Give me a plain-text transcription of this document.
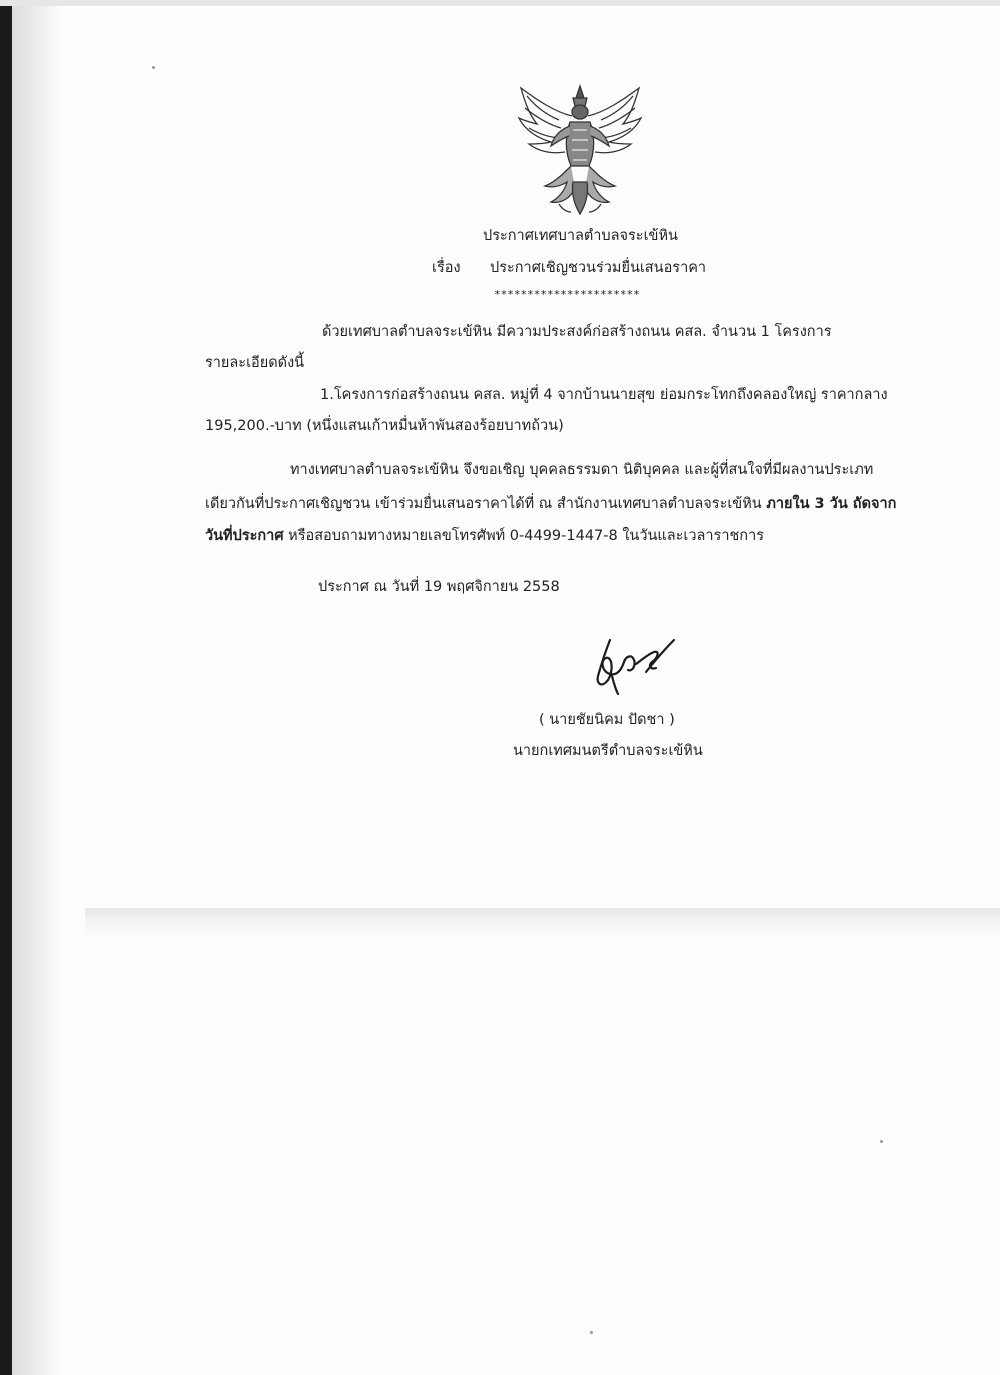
ประกาศเทศบาลตำบลจระเข้หิน
เรื่อง ประกาศเชิญชวนร่วมยื่นเสนอราคา
**********************
ด้วยเทศบาลตำบลจระเข้หิน มีความประสงค์ก่อสร้างถนน คสล. จำนวน 1 โครงการ
รายละเอียดดังนี้
1.โครงการก่อสร้างถนน คสล. หมู่ที่ 4 จากบ้านนายสุข ย่อมกระโทกถึงคลองใหญ่ ราคากลาง
195,200.-บาท (หนึ่งแสนเก้าหมื่นห้าพันสองร้อยบาทถ้วน)
ทางเทศบาลตำบลจระเข้หิน จึงขอเชิญ บุคคลธรรมดา นิติบุคคล และผู้ที่สนใจที่มีผลงานประเภท
เดียวกันที่ประกาศเชิญชวน เข้าร่วมยื่นเสนอราคาได้ที่ ณ สำนักงานเทศบาลตำบลจระเข้หิน ภายใน 3 วัน ถัดจาก
วันที่ประกาศ หรือสอบถามทางหมายเลขโทรศัพท์ 0-4499-1447-8 ในวันและเวลาราชการ
ประกาศ ณ วันที่ 19 พฤศจิกายน 2558
( นายชัยนิคม ปัดชา )
นายกเทศมนตรีตำบลจระเข้หิน
